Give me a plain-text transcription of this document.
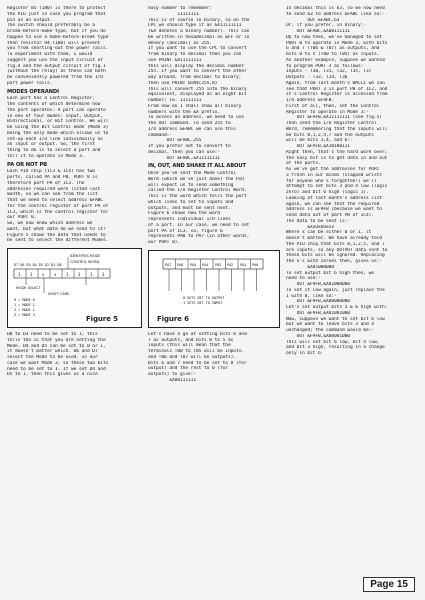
Register 85 (180) is there to protect
the PIO just in case you program that
pin as an output.
The switch should preferably be a
break-before-make type, but if you do
happen to use a make-before-break type
then resistor R4 (180) will prevent
you from shorting-out the power rails.
To experiment with them, I would
suggest you use the input circuit of
fig.4 and the output circuit of fig.1
(without the relay) as these can both
be conveniently powered from the I/O
port power rails.
MODES OPERANDI
Each port has a Control Register,
the contents of which determine how
the port operates. A port can operate
in one of four modes: Input, Output,
Bidirectional, or Bit Control. We will
be using the Bit Control mode (Mode 3)
being the only mode which allows us to
set-up each I/O line individually as
an input or output. So, the first
thing to do is to select a port and
tell it to operate in Mode 3.
PA OR NOT PB
Each PIO chip (IC3 & IC4) has two
ports, called PA and PB. PORT 0 is
therefore port PA of IC3. The
addresses required were listed last
month, so we can see from the list
that we need to select address &FABC
for the control register of port PA of
IC3, which is the control register for
our PORT 0.
So, we now know which address we
want, but what data do we send to it?
Figure 5 shows the data that needs to
be sent to select the different Modes.
1 1 x x 1 1 1 1
D7 D6 D5 D4 D3 D2 D1 D0
MODE SELECT
DON'T CARE
IDENTIFIES MODE
CONTROL WORD
0 = MODE 0
1 = MODE 1
2 = MODE 2
3 = MODE 3	Figure 5
D0 to D3 need to be set to 1; this
tells the IC that you are setting the
Mode. D4 and D5 can be set to 0 or 1,
it doesn't matter which. D6 and D7
select the Mode to be used. In our
case we want Mode 3, so these two bits
need to be set to 1. If we set D4 and
D5 to 1, then this gives us a nice
easy number to remember:
11111111
This is of course in binary, so on the
CPC we should type it as &X11111111
(&X denotes a binary number). This can
be written in hexadecimal as &FF or in
denary (decimal) as 255.
If you want to use the CPC to convert
from binary to decimal then you can
use PRINT &X11111111
this will display the decimal number
255. If you want to convert the other
way around, from decimal to binary,
then use PRINT BIN$(255,8)
This will convert 255 into the binary
equivalent, displayed as an eight bit
number; ie. 11111111
From now on I shall show all binary
numbers with the &X prefix.
To access an address, we need to use
the OUT command. To send 255 to
I/O address &FABC we can use this
command:-
OUT &FABC,255
If you prefer not to convert to
decimal, then you can use:-
OUT &FABC,&X11111111
IN, OUT, AND SHAKE IT ALL ABOUT
Once you've sent the Mode Control
Word (which we've just done) the PIO
will expect us to send something
called the I/O Register Control Word.
This is the word which tells the port
which lines to set to inputs and
outputs, and must be sent next.
Figure 6 shows how the word
represents individual I/O lines
of a port. In our case, we need to set
port PA of IC3, so, figure 6
represents PA0 to PA7 (in other words,
our PORT 0).
PA7 PA6 PA5 PA4 PA3 PA2 PA1 PA0
0 SETS BIT TO OUTPUT
1 SETS BIT TO INPUT
Figure 6
Let's have a go at setting bits 6 and
7 as outputs, and bits 0 to 5 as
inputs (this will mean that the
terminals T00 to T05 will be inputs,
and T06 and T07 will be outputs).
Bits 6 and 7 need to be set to 0 (for
output) and the rest to 0 (for
outputs) to give:-
&X00111111
In decimal this is 63, so we now need
to send 63 to address &FABC like so:-
OUT &FABC,63
Or, if you prefer, in binary:-
OUT &FABC,&X00111111
Up to now then, we've managed to set
PORT 0 to operate in Mode 3, with bits
6 and 7 (T06 & T07) as outputs, and
bits 0 to 5 (T00 to T05) as inputs.
As another example, suppose we wanted
to program PORT 3 as follows:
Inputs - T30, T31, T32, T35, T37
Outputs - T33, T34, T36
Again, from last month's WACCI we can
see that PORT 3 is port PB of IC2, and
it's Control Register is accessed from
I/O address &FAFB.
First of all, then, set the Control
Register to operate in Mode 3:-
OUT &FAFB,&X11111111 (see fig.5)
Then send the I/O Register Control
Word, remembering that the inputs will
be bits 0,1,2,5,7 and the outputs
will be bits 3,4, and 6:-
OUT &FAFB,&X10100111
Right then, that's the hard work over;
the easy bit is to get data in and out
of the ports.
As we've got the addresses for PORT
3 fresh in our minds (slapped wrists
for anyone who's forgotten!) we'll
attempt to set bits 3 and 4 low (logic
zero) and bit 6 high (logic 1).
Looking at last month's address list
again, we can see that the required
address is &F9FB (because we want to
send data out of port PB of IC4).
The data to be sent is:-
&XxOxOOxxx
Where x can be either 0 or 1, it
doesn't matter. We have already told
the PIO chip that bits 0,1,2,5, and 7
are inputs, so any OUTPUT data sent to
these bits will be ignored. Replacing
the x's with zeroes then, gives us:-
&X01000000
To set output bit 6 high then, we
need to use:-
OUT &F9FB,&X01000000
To set it low again, just replace the
1 with 0, like so:-
OUT &F9FB,&X00000000
Let's set output bits 3 & 6 high with:
OUT &F9FB,&X01001000
Now, suppose we want to set bit 6 low
but we want to leave bits 3 and 4
unchanged; the command would be:-
OUT &F9FB,&X00001000
This will set bit 6 low, bit 4 low,
and bit 3 high, resulting in a change
only in bit 6.
Page 15
